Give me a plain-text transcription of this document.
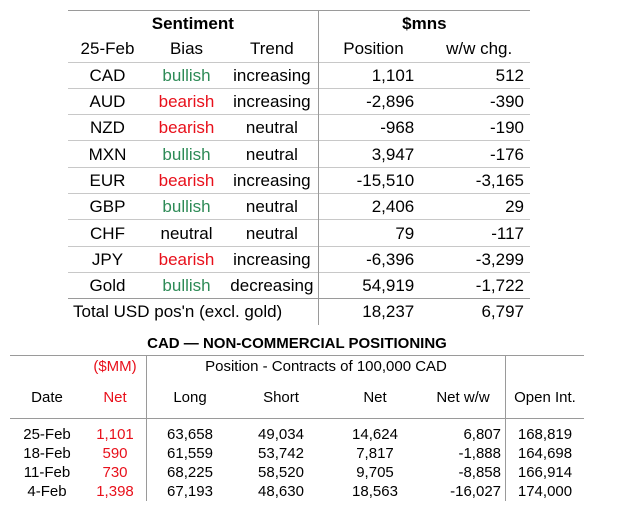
Sentiment			$mns	
25-Feb	Bias	Trend	Position	w/w chg.
CAD	bullish	increasing	1,101	512
AUD	bearish	increasing	-2,896	-390
NZD	bearish	neutral	-968	-190
MXN	bullish	neutral	3,947	-176
EUR	bearish	increasing	-15,510	-3,165
GBP	bullish	neutral	2,406	29
CHF	neutral	neutral	79	-117
JPY	bearish	increasing	-6,396	-3,299
Gold	bullish	decreasing	54,919	-1,722
Total USD pos'n (excl. gold)			18,237	6,797
CAD — NON-COMMERCIAL POSITIONING
	($MM)	Position - Contracts of 100,000 CAD				
Date	Net	Long	Short	Net	Net w/w	Open Int.

25-Feb	1,101	63,658	49,034	14,624	6,807	168,819
18-Feb	590	61,559	53,742	7,817	-1,888	164,698
11-Feb	730	68,225	58,520	9,705	-8,858	166,914
4-Feb	1,398	67,193	48,630	18,563	-16,027	174,000
